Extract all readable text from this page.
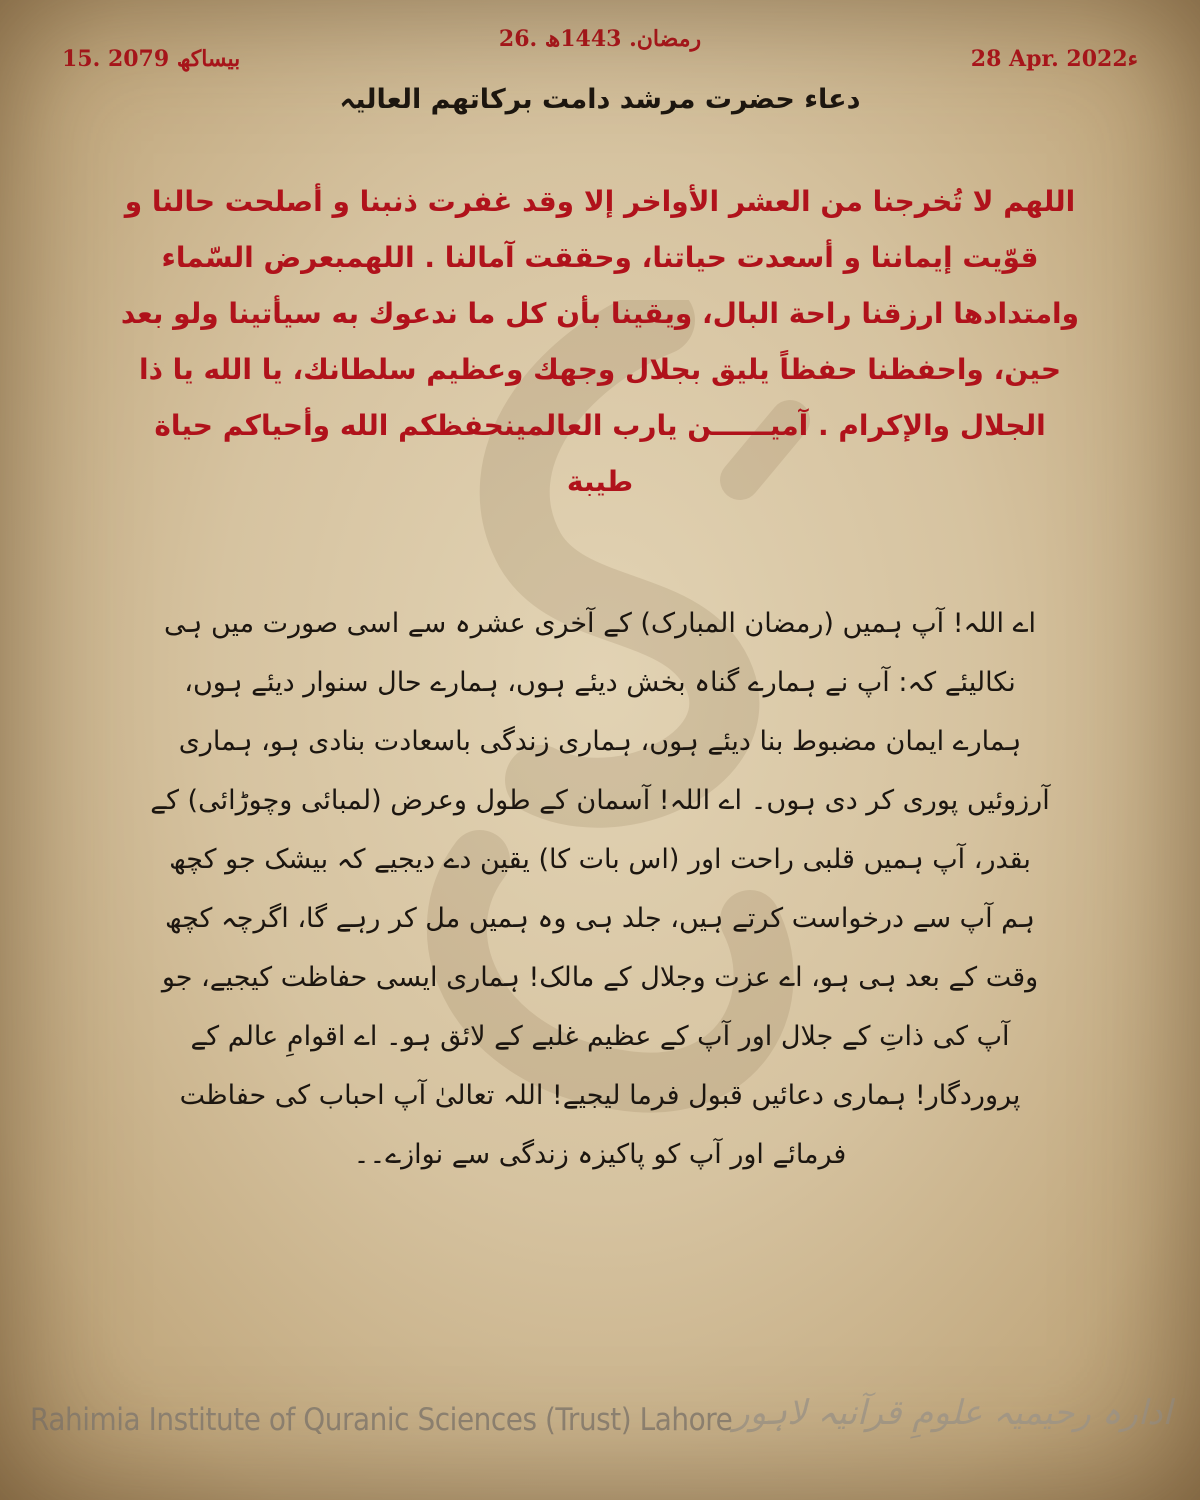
26. رمضان. 1443ھ
15. بیساکھ 2079	28 Apr. 2022ء
دعاء حضرت مرشد دامت برکاتھم العالیہ
اللهم لا تُخرجنا من العشر الأواخر إلا وقد غفرت ذنبنا و أصلحت حالنا و قوّيت إيماننا و أسعدت حياتنا، وحققت آمالنا . اللهمبعرض السّماء وامتدادها ارزقنا راحة البال، ويقينا بأن كل ما ندعوك به سيأتينا ولو بعد حين، واحفظنا حفظاً يليق بجلال وجهك وعظيم سلطانك، يا الله يا ذا الجلال والإكرام . آميــــــن يارب العالمينحفظكم الله وأحياكم حياة طيبة
اے اللہ! آپ ہمیں (رمضان المبارک) کے آخری عشرہ سے اسی صورت میں ہی نکالیئے کہ: آپ نے ہمارے گناہ بخش دیئے ہوں، ہمارے حال سنوار دیئے ہوں، ہمارے ایمان مضبوط بنا دیئے ہوں، ہماری زندگی باسعادت بنادی ہو، ہماری آرزوئیں پوری کر دی ہوں۔ اے اللہ! آسمان کے طول وعرض (لمبائی وچوڑائی) کے بقدر، آپ ہمیں قلبی راحت اور (اس بات کا) یقین دے دیجیے کہ بیشک جو کچھ ہم آپ سے درخواست کرتے ہیں، جلد ہی وہ ہمیں مل کر رہے گا، اگرچہ کچھ وقت کے بعد ہی ہو، اے عزت وجلال کے مالک! ہماری ایسی حفاظت کیجیے، جو آپ کی ذاتِ کے جلال اور آپ کے عظیم غلبے کے لائق ہو۔ اے اقوامِ عالم کے پروردگار! ہماری دعائیں قبول فرما لیجیے! اللہ تعالیٰ آپ احباب کی حفاظت فرمائے اور آپ کو پاکیزہ زندگی سے نوازے۔۔
Rahimia Institute of Quranic Sciences (Trust) Lahore ادارہ رحیمیہ علومِ قرآنیہ لاہور
